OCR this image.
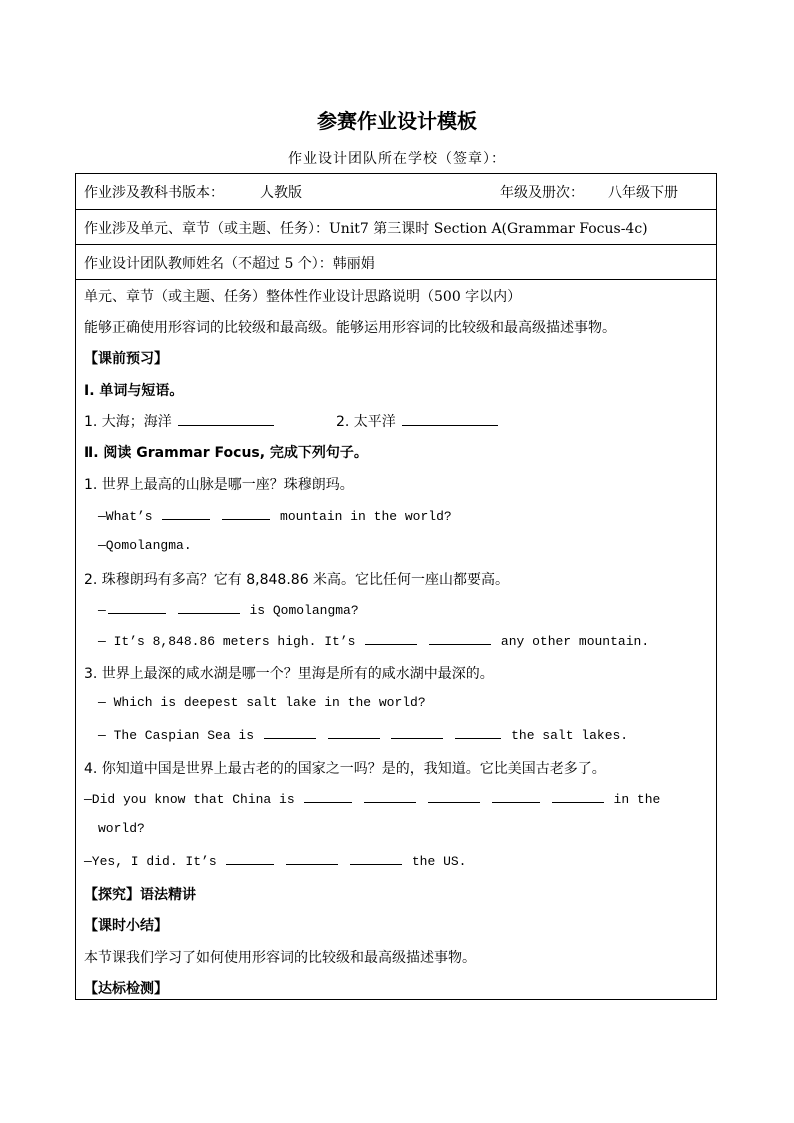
参赛作业设计模板
作业设计团队所在学校（签章）：
作业涉及教科书版本：	人教版	年级及册次： 八年级下册
作业涉及单元、章节（或主题、任务）：Unit7 第三课时 Section A(Grammar Focus-4c)
作业设计团队教师姓名（不超过 5 个）：韩丽娟
单元、章节（或主题、任务）整体性作业设计思路说明（500 字以内）
能够正确使用形容词的比较级和最高级。能够运用形容词的比较级和最高级描述事物。
【课前预习】
Ⅰ. 单词与短语。
1. 大海；海洋	2. 太平洋
Ⅱ. 阅读 Grammar Focus, 完成下列句子。
1. 世界上最高的山脉是哪一座？珠穆朗玛。
—What’s	mountain in the world?
—Qomolangma.
2. 珠穆朗玛有多高？它有 8,848.86 米高。它比任何一座山都要高。
—	is Qomolangma?
— It’s 8,848.86 meters high. It’s	any other mountain.
3. 世界上最深的咸水湖是哪一个？里海是所有的咸水湖中最深的。
— Which is deepest salt lake in the world?
— The Caspian Sea is	the salt lakes.
4. 你知道中国是世界上最古老的的国家之一吗？是的，我知道。它比美国古老多了。
—Did you know that China is	in the
world?
—Yes, I did. It’s	the US.
【探究】语法精讲
【课时小结】
本节课我们学习了如何使用形容词的比较级和最高级描述事物。
【达标检测】
